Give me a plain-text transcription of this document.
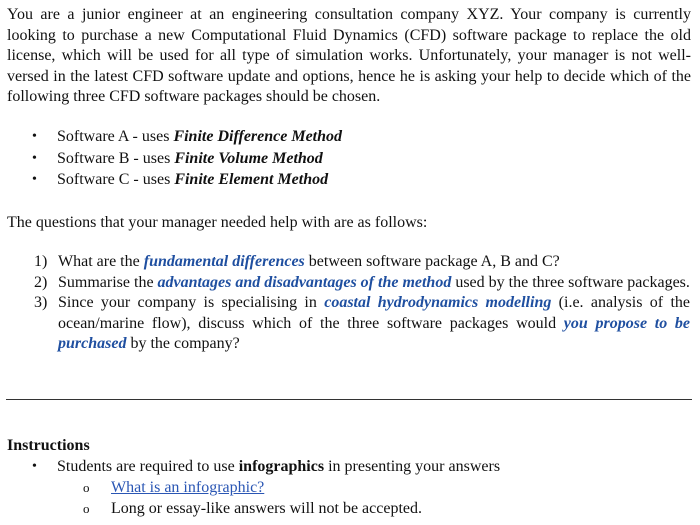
You are a junior engineer at an engineering consultation company XYZ. Your company is currently looking to purchase a new Computational Fluid Dynamics (CFD) software package to replace the old license, which will be used for all type of simulation works. Unfortunately, your manager is not well-versed in the latest CFD software update and options, hence he is asking your help to decide which of the following three CFD software packages should be chosen.

• Software A - uses Finite Difference Method
• Software B - uses Finite Volume Method
• Software C - uses Finite Element Method

The questions that your manager needed help with are as follows:

1) What are the fundamental differences between software package A, B and C?
2) Summarise the advantages and disadvantages of the method used by the three software packages.
3) Since your company is specialising in coastal hydrodynamics modelling (i.e. analysis of the ocean/marine flow), discuss which of the three software packages would you propose to be purchased by the company?

Instructions

• Students are required to use infographics in presenting your answers
o What is an infographic?
o Long or essay-like answers will not be accepted.
